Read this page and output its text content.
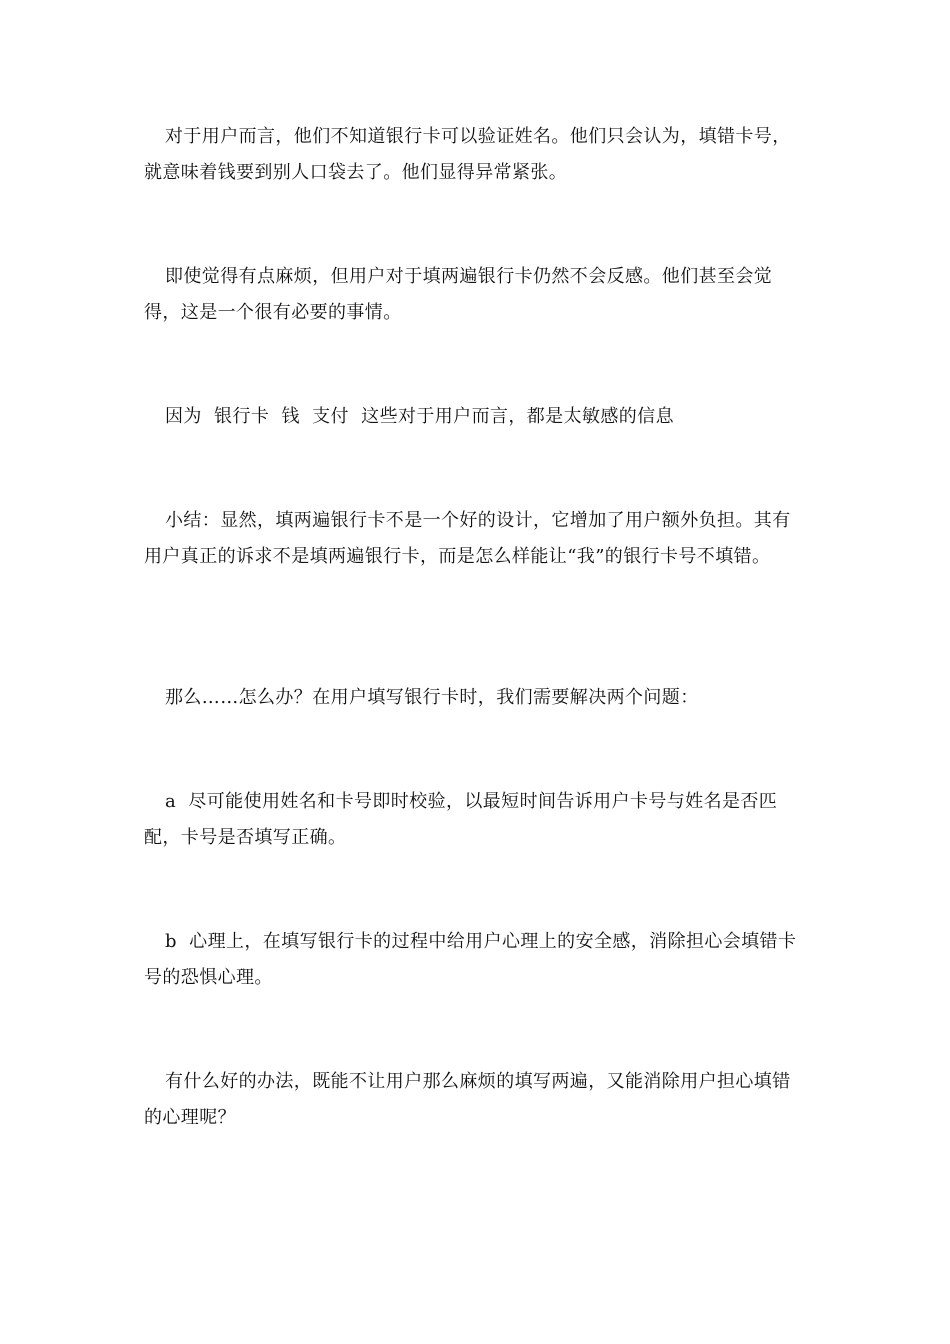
对于用户而言，他们不知道银行卡可以验证姓名。他们只会认为，填错卡号，就意味着钱要到别人口袋去了。他们显得异常紧张。

即使觉得有点麻烦，但用户对于填两遍银行卡仍然不会反感。他们甚至会觉得，这是一个很有必要的事情。

因为  银行卡  钱  支付  这些对于用户而言，都是太敏感的信息

小结：显然，填两遍银行卡不是一个好的设计，它增加了用户额外负担。其有用户真正的诉求不是填两遍银行卡，而是怎么样能让“我”的银行卡号不填错。

那么……怎么办？在用户填写银行卡时，我们需要解决两个问题：

a  尽可能使用姓名和卡号即时校验，以最短时间告诉用户卡号与姓名是否匹配，卡号是否填写正确。

b  心理上，在填写银行卡的过程中给用户心理上的安全感，消除担心会填错卡号的恐惧心理。

有什么好的办法，既能不让用户那么麻烦的填写两遍，又能消除用户担心填错的心理呢？
